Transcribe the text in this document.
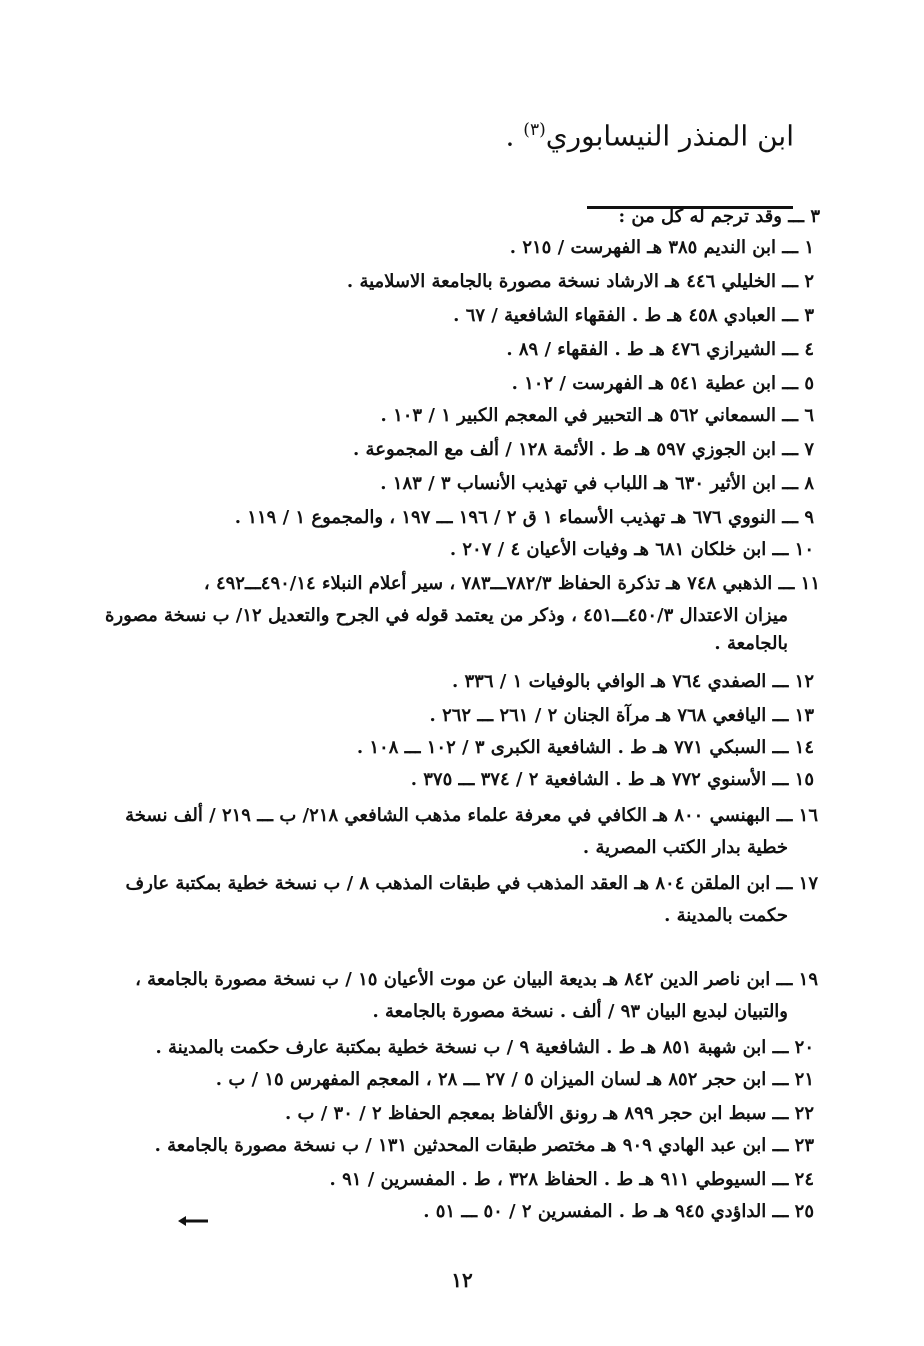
ابن المنذر النيسابوري$^{(٣)}$ .
٣ ـــ وقد ترجم له كل من :
١ ـــ ابن النديم ٣٨٥ هـ الفهرست / ٢١٥ .
٢ ـــ الخليلي ٤٤٦ هـ الارشاد نسخة مصورة بالجامعة الاسلامية .
٣ ـــ العبادي ٤٥٨ هـ ط . الفقهاء الشافعية / ٦٧ .
٤ ـــ الشيرازي ٤٧٦ هـ ط . الفقهاء / ٨٩ .
٥ ـــ ابن عطية ٥٤١ هـ الفهرست / ١٠٢ .
٦ ـــ السمعاني ٥٦٢ هـ التحبير في المعجم الكبير ١ / ١٠٣ .
٧ ـــ ابن الجوزي ٥٩٧ هـ ط . الأئمة ١٢٨ / ألف مع المجموعة .
٨ ـــ ابن الأثير ٦٣٠ هـ اللباب في تهذيب الأنساب ٣ / ١٨٣ .
٩ ـــ النووي ٦٧٦ هـ تهذيب الأسماء ١ ق ٢ / ١٩٦ ـــ ١٩٧ ، والمجموع ١ / ١١٩ .
١٠ ـــ ابن خلكان ٦٨١ هـ وفيات الأعيان ٤ / ٢٠٧ .
١١ ـــ الذهبي ٧٤٨ هـ تذكرة الحفاظ ٧٨٢/٣ـــ٧٨٣ ، سير أعلام النبلاء ٤٩٠/١٤ـــ٤٩٢ ،
ميزان الاعتدال ٤٥٠/٣ـــ٤٥١ ، وذكر من يعتمد قوله في الجرح والتعديل ١٢/ ب نسخة مصورة
بالجامعة .
١٢ ـــ الصفدي ٧٦٤ هـ الوافي بالوفيات ١ / ٣٣٦ .
١٣ ـــ اليافعي ٧٦٨ هـ مرآة الجنان ٢ / ٢٦١ ـــ ٢٦٢ .
١٤ ـــ السبكي ٧٧١ هـ ط . الشافعية الكبرى ٣ / ١٠٢ ـــ ١٠٨ .
١٥ ـــ الأسنوي ٧٧٢ هـ ط . الشافعية ٢ / ٣٧٤ ـــ ٣٧٥ .
١٦ ـــ البهنسي ٨٠٠ هـ الكافي في معرفة علماء مذهب الشافعي ٢١٨/ ب ـــ ٢١٩ / ألف نسخة
خطية بدار الكتب المصرية .
١٧ ـــ ابن الملقن ٨٠٤ هـ العقد المذهب في طبقات المذهب ٨ / ب نسخة خطية بمكتبة عارف
حكمت بالمدينة .
١٩ ـــ ابن ناصر الدين ٨٤٢ هـ بديعة البيان عن موت الأعيان ١٥ / ب نسخة مصورة بالجامعة ،
والتبيان لبديع البيان ٩٣ / ألف . نسخة مصورة بالجامعة .
٢٠ ـــ ابن شهبة ٨٥١ هـ ط . الشافعية ٩ / ب نسخة خطية بمكتبة عارف حكمت بالمدينة .
٢١ ـــ ابن حجر ٨٥٢ هـ لسان الميزان ٥ / ٢٧ ـــ ٢٨ ، المعجم المفهرس ١٥ / ب .
٢٢ ـــ سبط ابن حجر ٨٩٩ هـ رونق الألفاظ بمعجم الحفاظ ٢ / ٣٠ / ب .
٢٣ ـــ ابن عبد الهادي ٩٠٩ هـ مختصر طبقات المحدثين ١٣١ / ب نسخة مصورة بالجامعة .
٢٤ ـــ السيوطي ٩١١ هـ ط . الحفاظ ٣٢٨ ، ط . المفسرين / ٩١ .
٢٥ ـــ الداؤدي ٩٤٥ هـ ط . المفسرين ٢ / ٥٠ ـــ ٥١ .
١٢
